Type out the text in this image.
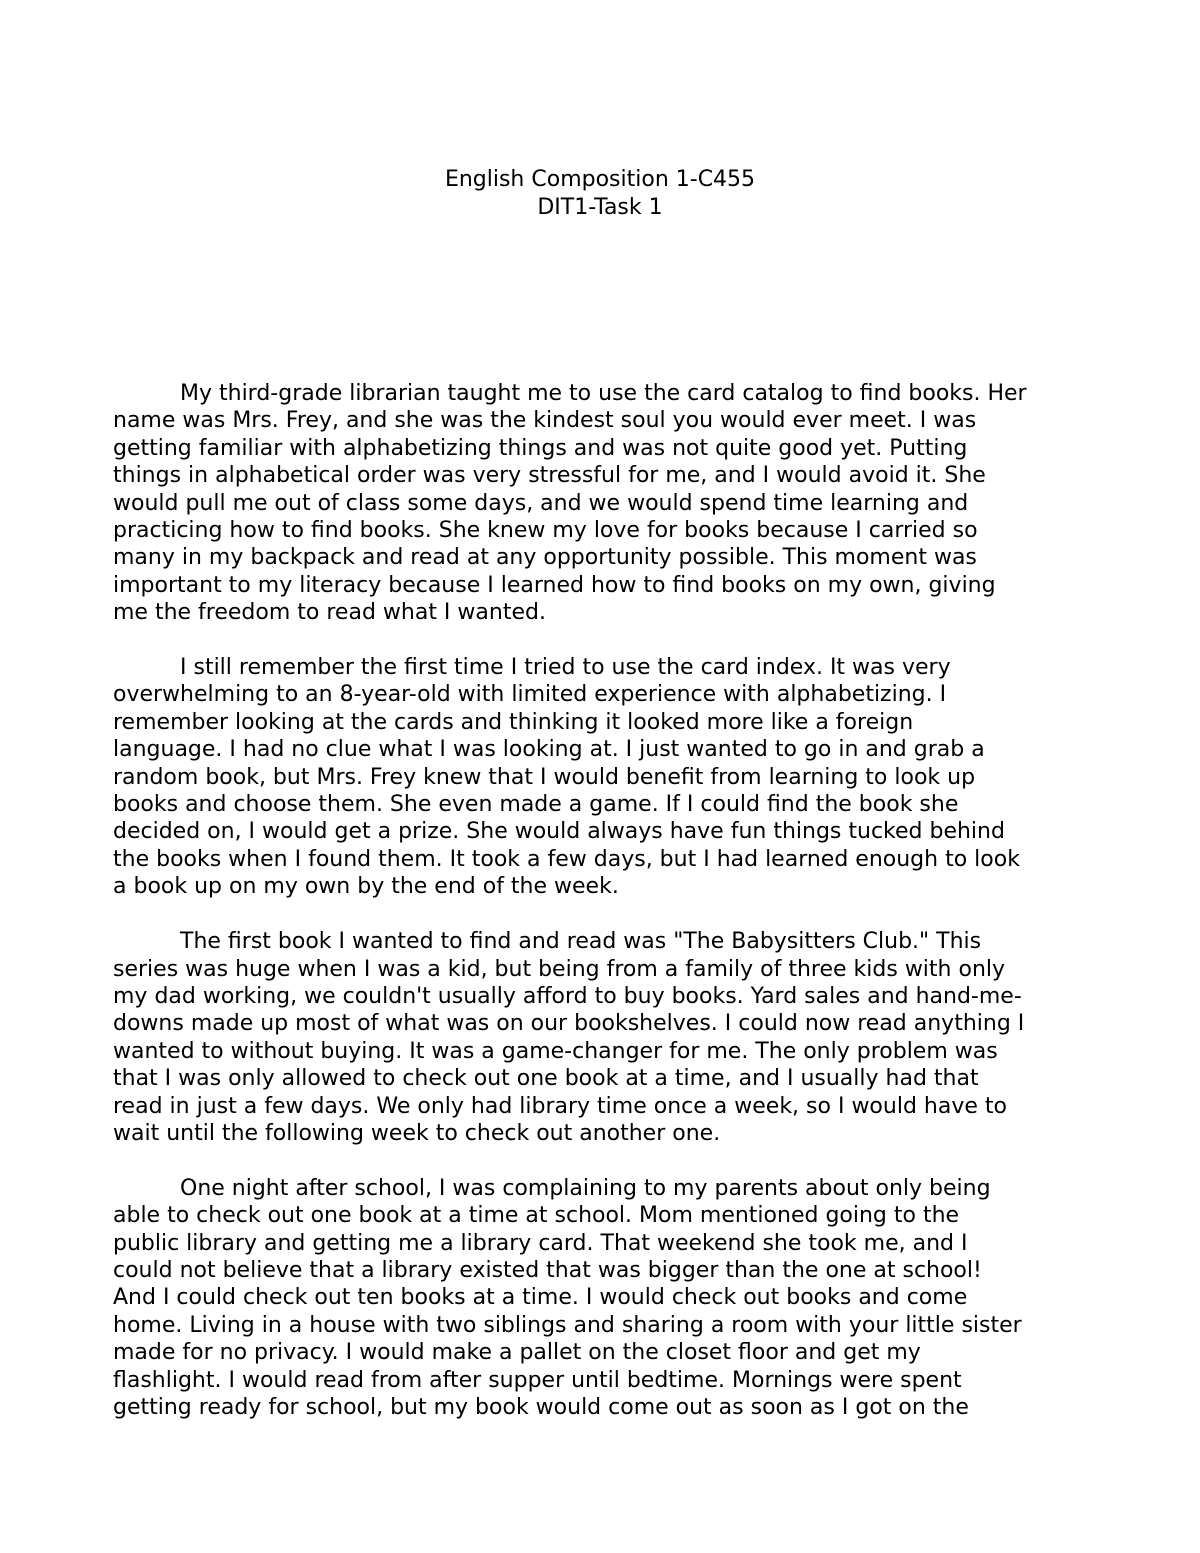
English Composition 1-C455
DIT1-Task 1
My third-grade librarian taught me to use the card catalog to find books. Her
name was Mrs. Frey, and she was the kindest soul you would ever meet. I was
getting familiar with alphabetizing things and was not quite good yet. Putting
things in alphabetical order was very stressful for me, and I would avoid it. She
would pull me out of class some days, and we would spend time learning and
practicing how to find books. She knew my love for books because I carried so
many in my backpack and read at any opportunity possible. This moment was
important to my literacy because I learned how to find books on my own, giving
me the freedom to read what I wanted.
I still remember the first time I tried to use the card index. It was very
overwhelming to an 8-year-old with limited experience with alphabetizing. I
remember looking at the cards and thinking it looked more like a foreign
language. I had no clue what I was looking at. I just wanted to go in and grab a
random book, but Mrs. Frey knew that I would benefit from learning to look up
books and choose them. She even made a game. If I could find the book she
decided on, I would get a prize. She would always have fun things tucked behind
the books when I found them. It took a few days, but I had learned enough to look
a book up on my own by the end of the week.
The first book I wanted to find and read was "The Babysitters Club." This
series was huge when I was a kid, but being from a family of three kids with only
my dad working, we couldn't usually afford to buy books. Yard sales and hand-me-
downs made up most of what was on our bookshelves. I could now read anything I
wanted to without buying. It was a game-changer for me. The only problem was
that I was only allowed to check out one book at a time, and I usually had that
read in just a few days. We only had library time once a week, so I would have to
wait until the following week to check out another one.
One night after school, I was complaining to my parents about only being
able to check out one book at a time at school. Mom mentioned going to the
public library and getting me a library card. That weekend she took me, and I
could not believe that a library existed that was bigger than the one at school!
And I could check out ten books at a time. I would check out books and come
home. Living in a house with two siblings and sharing a room with your little sister
made for no privacy. I would make a pallet on the closet floor and get my
flashlight. I would read from after supper until bedtime. Mornings were spent
getting ready for school, but my book would come out as soon as I got on the
